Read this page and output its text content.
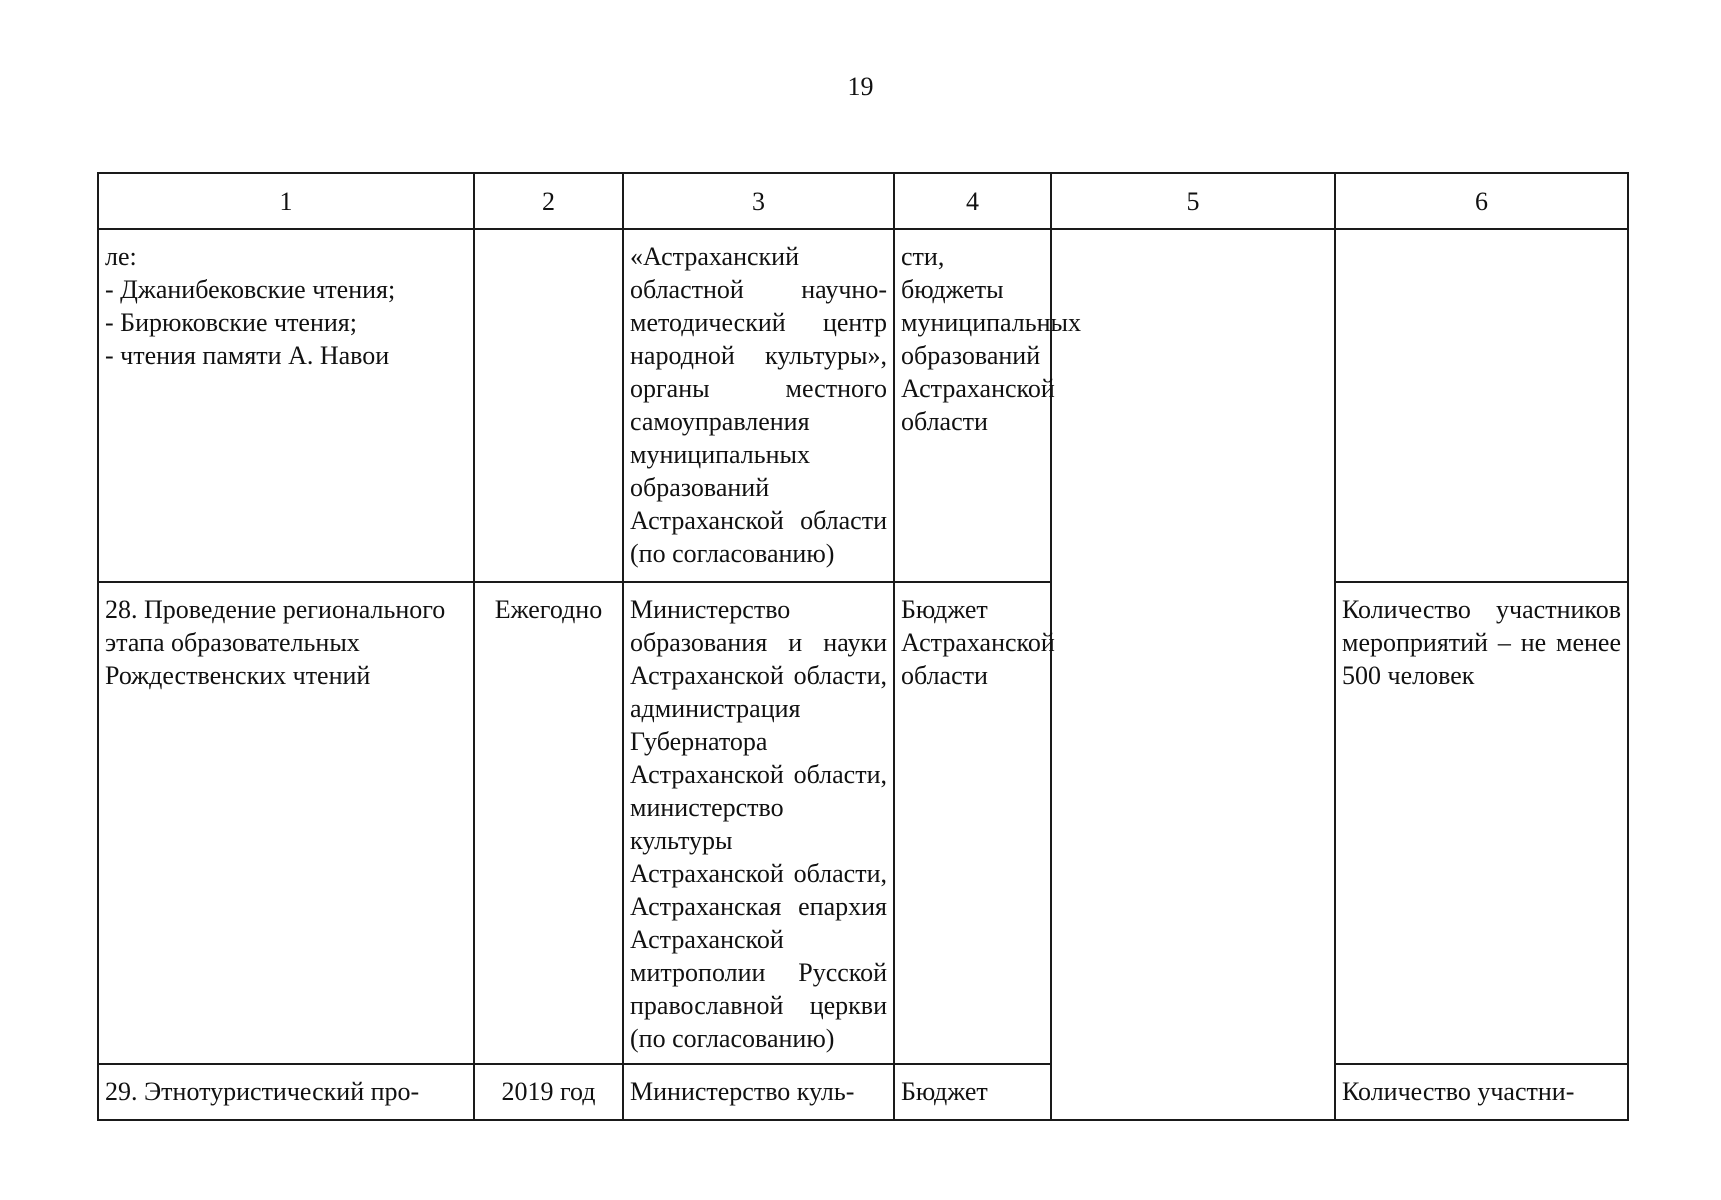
19
1	2	3	4	5	6

ле:
- Джанибековские чтения;
- Бирюковские чтения;
- чтения памяти А. Навои		«Астраханский областной научно-методический центр народной культуры», органы местного самоуправления муниципальных образований Астраханской области (по согласованию)	сти, бюджеты муниципальных образований Астраханской области		
28. Проведение регионального этапа образовательных Рождественских чтений	Ежегодно	Министерство образования и науки Астраханской области, администрация Губернатора Астраханской области, министерство культуры Астраханской области, Астраханская епархия Астраханской митрополии Русской православной церкви (по согласованию)	Бюджет Астраханской области		Количество участников мероприятий – не менее 500 человек
29. Этнотуристический про-	2019 год	Министерство куль-	Бюджет		Количество участни-
